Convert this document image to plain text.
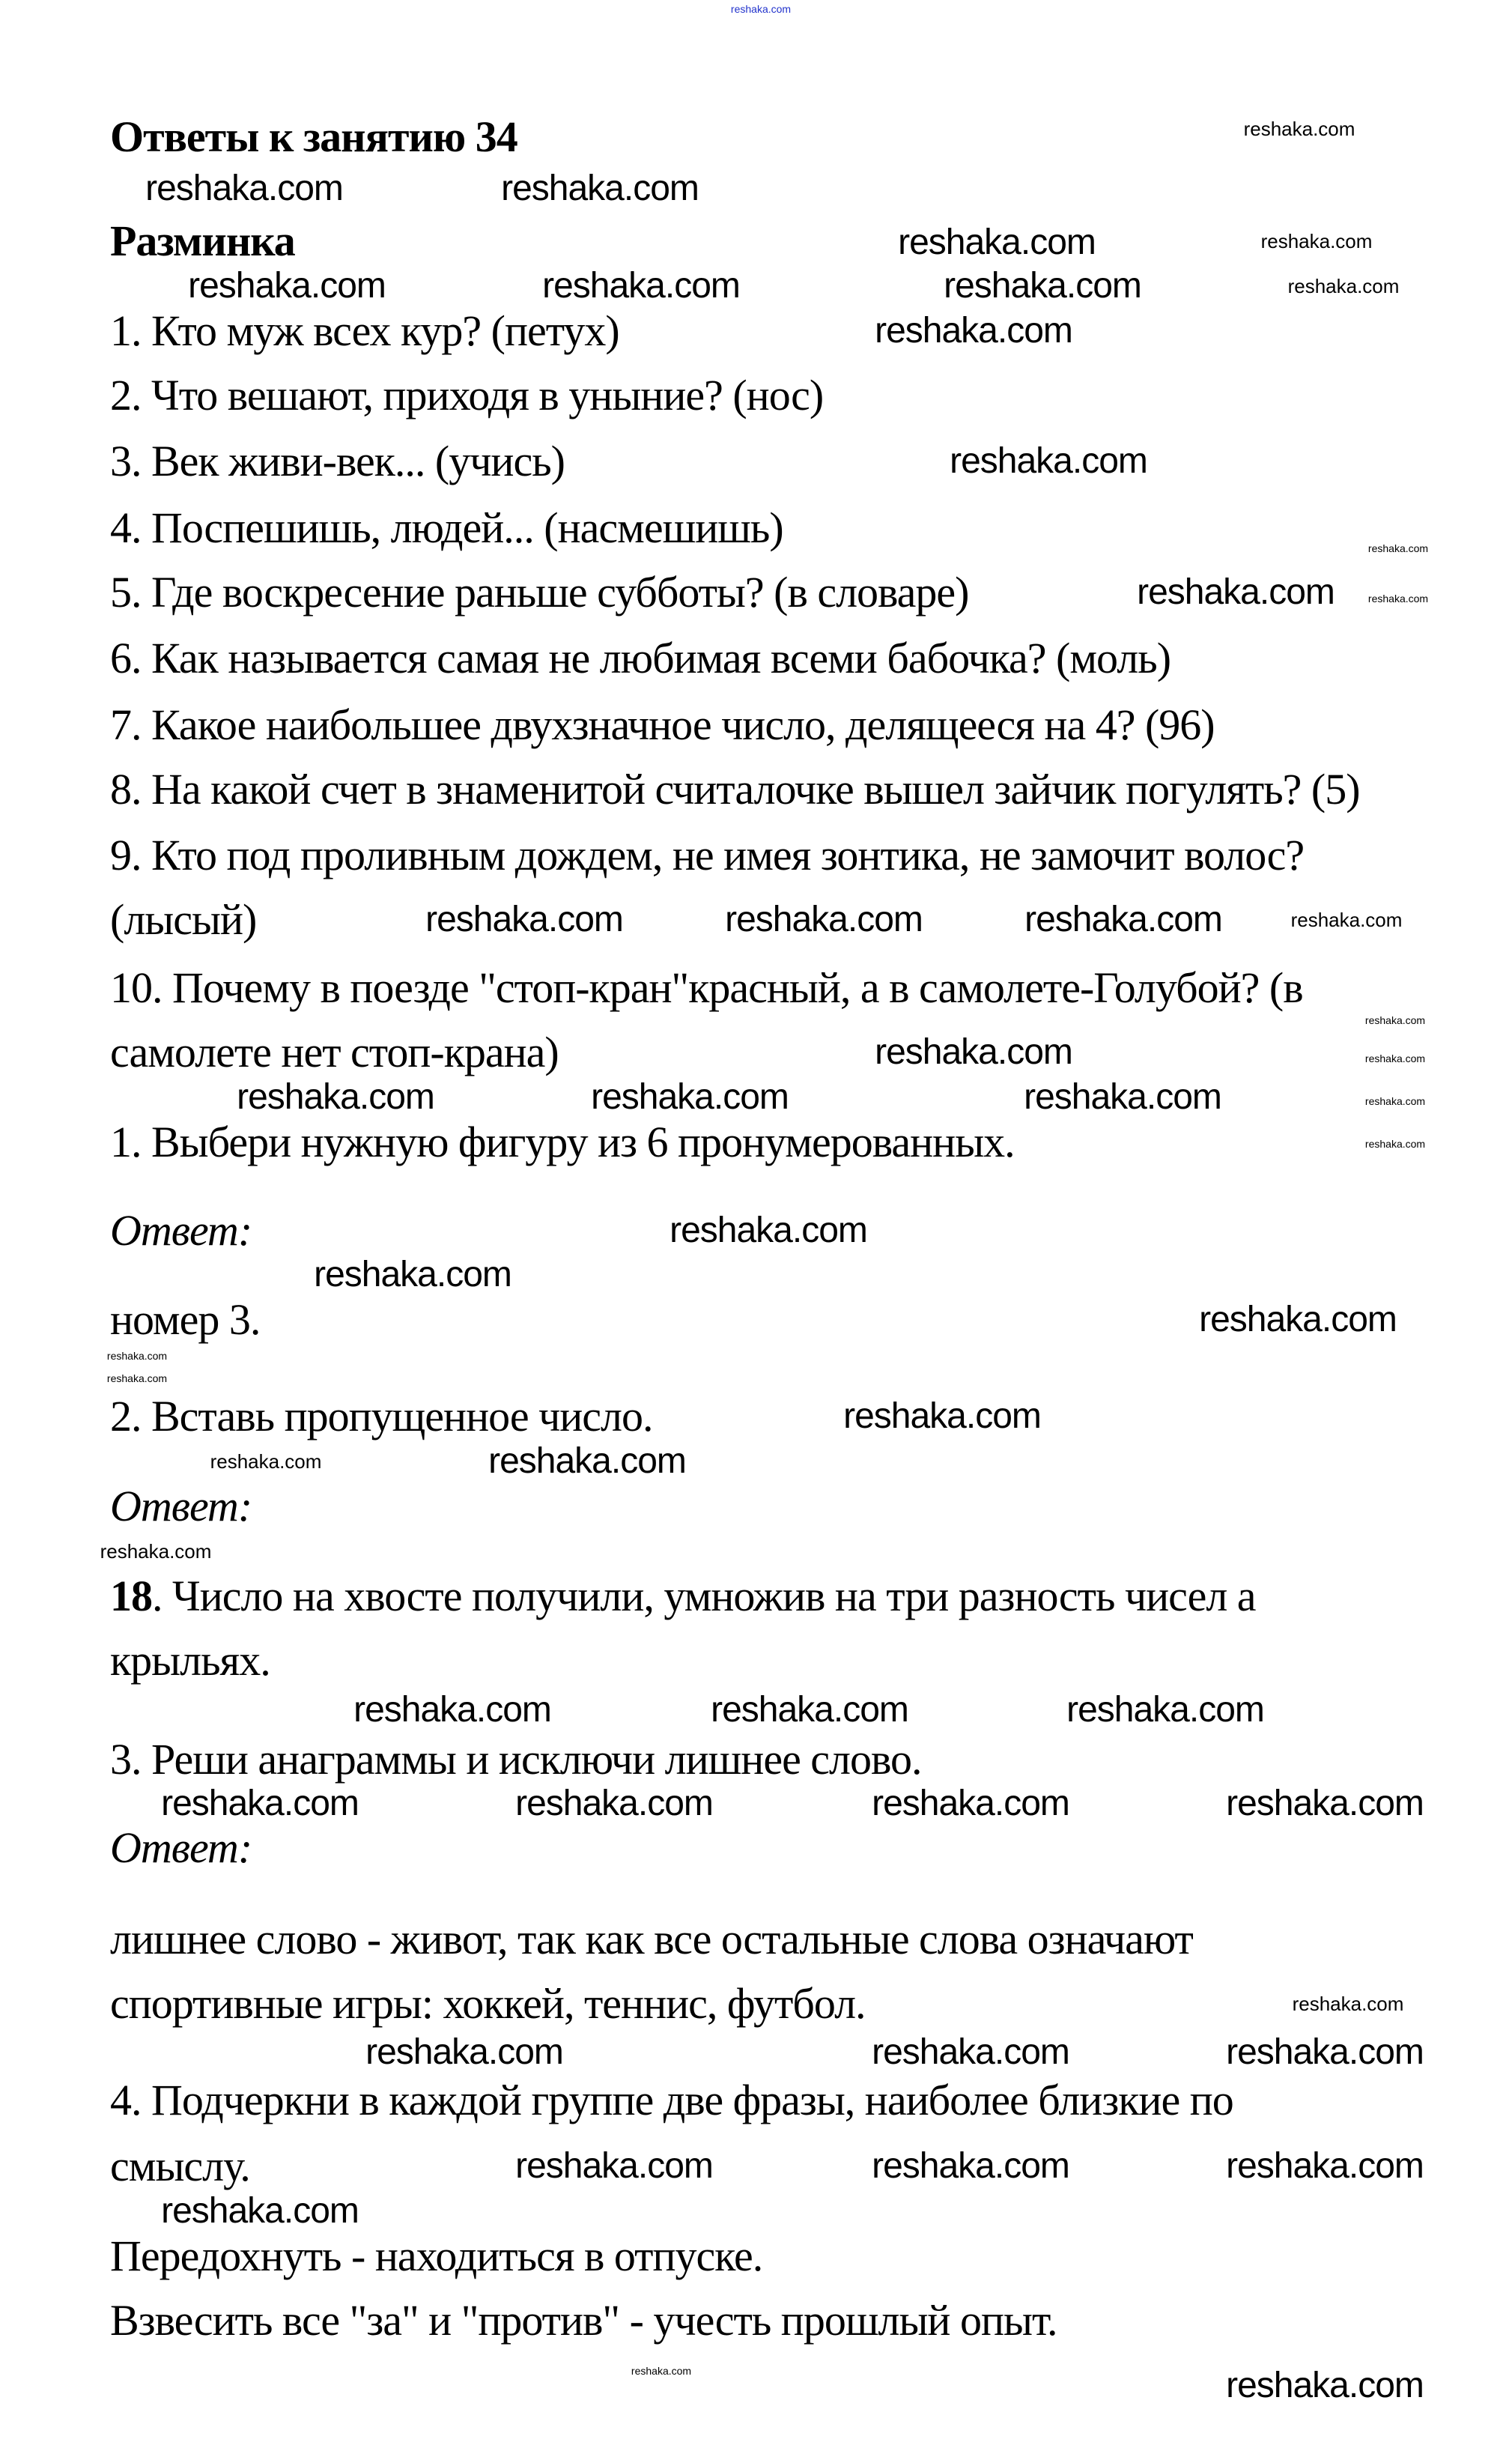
Ответы к занятию 34
Разминка
1. Кто муж всех кур? (петух)
2. Что вешают, приходя в уныние? (нос)
3. Век живи-век... (учись)
4. Поспешишь, людей... (насмешишь)
5. Где воскресение раньше субботы? (в словаре)
6. Как называется самая не любимая всеми бабочка? (моль)
7. Какое наибольшее двухзначное число, делящееся на 4? (96)
8. На какой счет в знаменитой считалочке вышел зайчик погулять? (5)
9. Кто под проливным дождем, не имея зонтика, не замочит волос?
(лысый)
10. Почему в поезде "стоп-кран"красный, а в самолете-Голубой? (в
самолете нет стоп-крана)
1. Выбери нужную фигуру из 6 пронумерованных.
Ответ:
номер 3.
2. Вставь пропущенное число.
Ответ:
18. Число на хвосте получили, умножив на три разность чисел а
крыльях.
3. Реши анаграммы и исключи лишнее слово.
Ответ:
лишнее слово - живот, так как все остальные слова означают
спортивные игры: хоккей, теннис, футбол.
4. Подчеркни в каждой группе две фразы, наиболее близкие по
смыслу.
Передохнуть - находиться в отпуске.
Взвесить все "за" и "против" - учесть прошлый опыт.
reshaka.com
reshaka.com
reshaka.com
reshaka.com
reshaka.com	reshaka.com
reshaka.com	reshaka.com	reshaka.com
reshaka.com
reshaka.com
reshaka.com
reshaka.com	reshaka.com
reshaka.com
reshaka.com	reshaka.com	reshaka.com	reshaka.com
reshaka.com
reshaka.com
reshaka.com	reshaka.com
reshaka.com	reshaka.com
reshaka.com
reshaka.com
reshaka.com
reshaka.com
reshaka.com
reshaka.com
reshaka.com
reshaka.com
reshaka.com
reshaka.com
reshaka.com
reshaka.com	reshaka.com	reshaka.com
reshaka.com	reshaka.com	reshaka.com	reshaka.com
reshaka.com
reshaka.com	reshaka.com	reshaka.com
reshaka.com	reshaka.com	reshaka.com
reshaka.com
reshaka.com	reshaka.com
